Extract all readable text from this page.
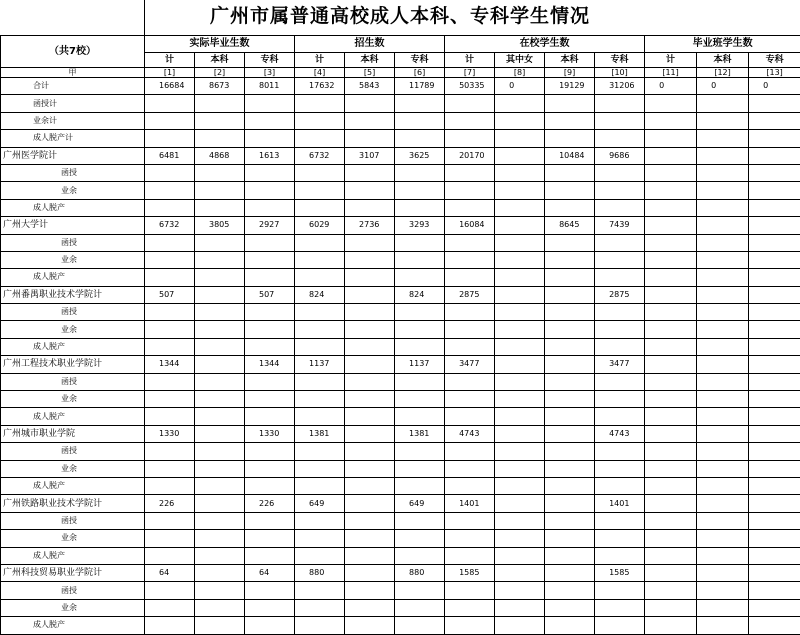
广州市属普通高校成人本科、专科学生情况
（共7校）	实际毕业生数			招生数			在校学生数				毕业班学生数		
	计	本科	专科	计	本科	专科	计	其中女	本科	专科	计	本科	专科
甲	[1]	[2]	[3]	[4]	[5]	[6]	[7]	[8]	[9]	[10]	[11]	[12]	[13]
合计	16684	8673	8011	17632	5843	11789	50335	0	19129	31206	0	0	0
函授计													
业余计													
成人脱产计													
广州医学院计	6481	4868	1613	6732	3107	3625	20170		10484	9686			
函授													
业余													
成人脱产													
广州大学计	6732	3805	2927	6029	2736	3293	16084		8645	7439			
函授													
业余													
成人脱产													
广州番禺职业技术学院计	507		507	824		824	2875			2875			
函授													
业余													
成人脱产													
广州工程技术职业学院计	1344		1344	1137		1137	3477			3477			
函授													
业余													
成人脱产													
广州城市职业学院	1330		1330	1381		1381	4743			4743			
函授													
业余													
成人脱产													
广州铁路职业技术学院计	226		226	649		649	1401			1401			
函授													
业余													
成人脱产													
广州科技贸易职业学院计	64		64	880		880	1585			1585			
函授													
业余													
成人脱产													
